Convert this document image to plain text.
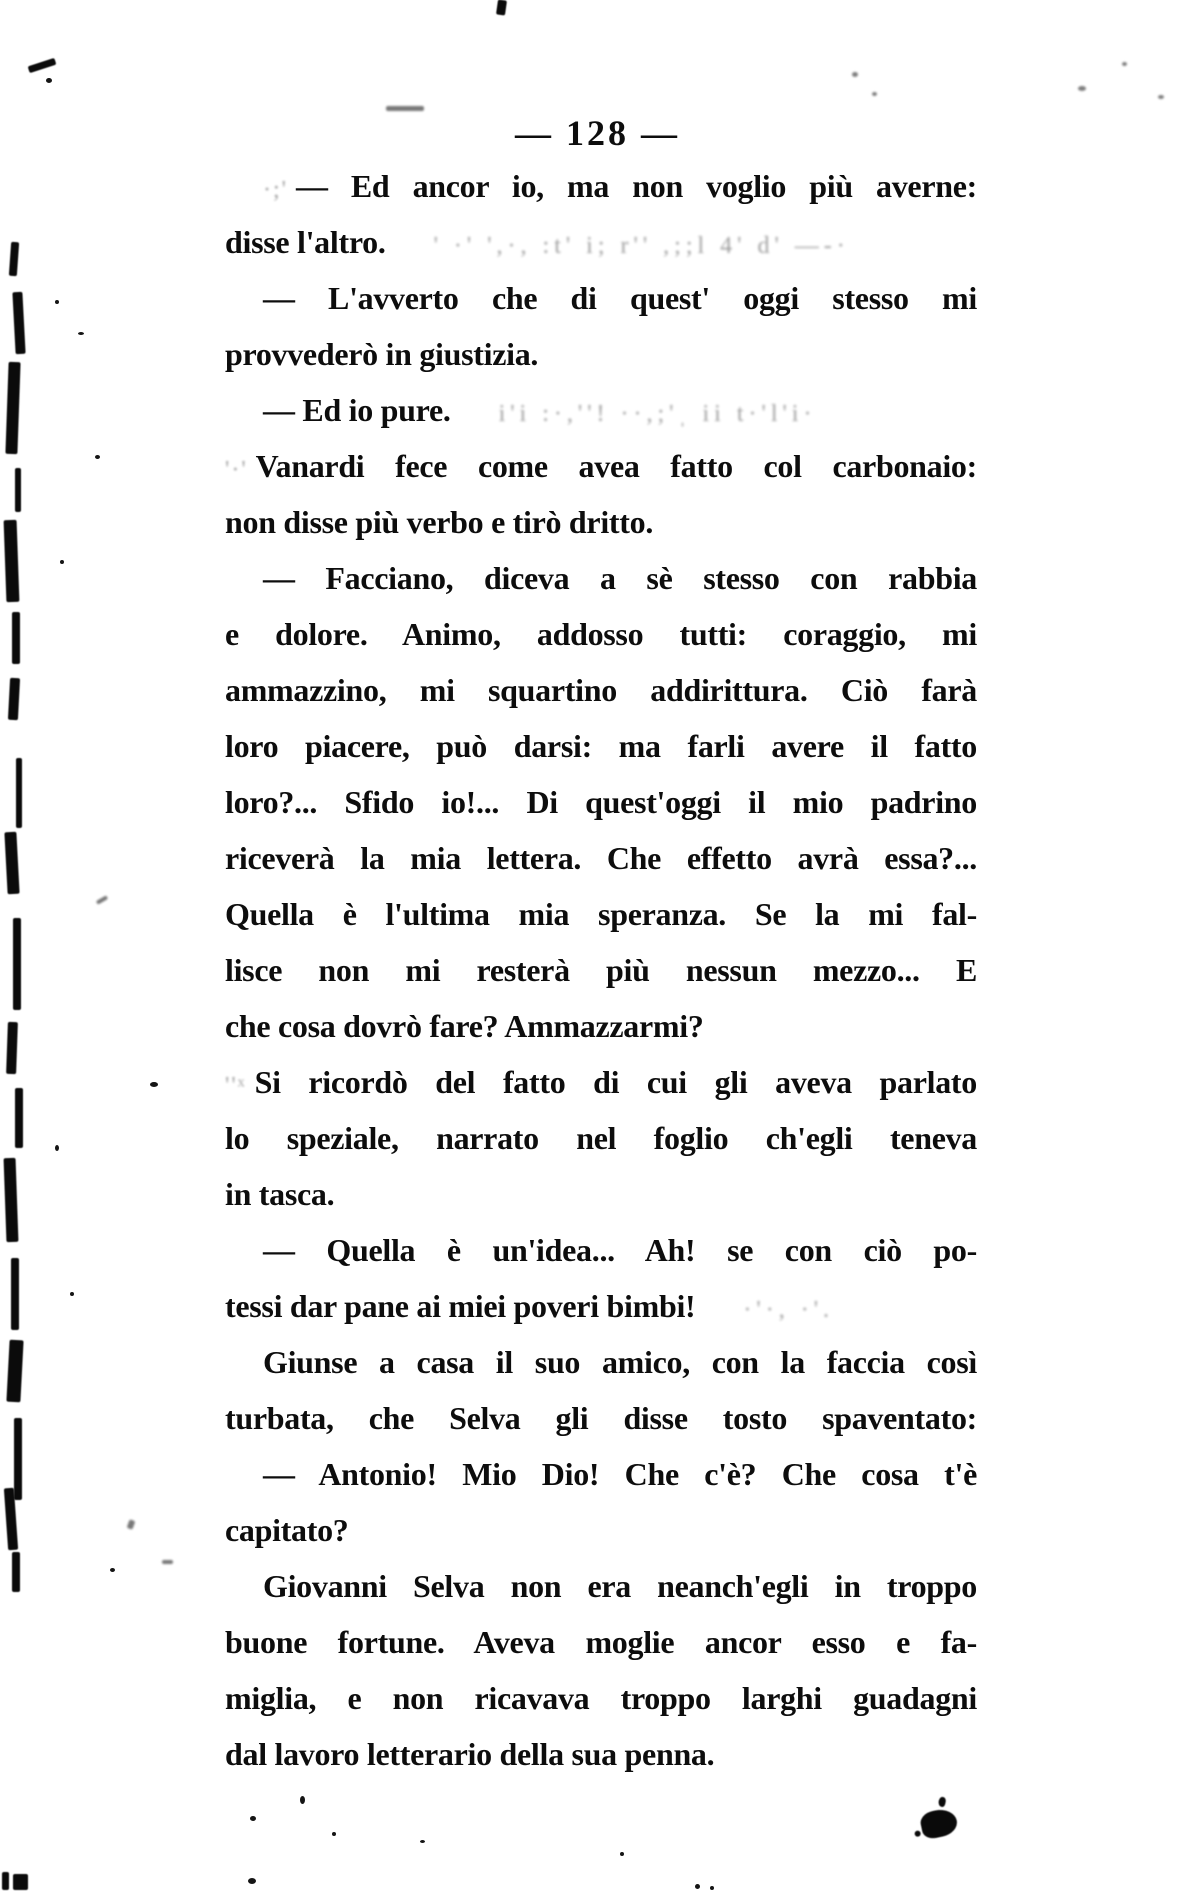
— 128 —
·;' — Ed ancor io, ma non voglio più averne:
disse l'altro. ' ·' ',·, :t' i; r'' ,;;l 4' d' —-·
— L'avverto che di quest' oggi stesso mi
provvederò in giustizia.
— Ed io pure. i'i :·,''! ··,;'ˌ ii t·'l'i·
'·' Vanardi fece come avea fatto col carbonaio:
non disse più verbo e tirò dritto.
— Facciano, diceva a sè stesso con rabbia
e dolore. Animo, addosso tutti: coraggio, mi
ammazzino, mi squartino addirittura. Ciò farà
loro piacere, può darsi: ma farli avere il fatto
loro?... Sfido io!... Di quest'oggi il mio padrino
riceverà la mia lettera. Che effetto avrà essa?...
Quella è l'ultima mia speranza. Se la mi fal-
lisce non mi resterà più nessun mezzo... E
che cosa dovrò fare? Ammazzarmi?
''ˣ Si ricordò del fatto di cui gli aveva parlato
lo speziale, narrato nel foglio ch'egli teneva
in tasca.
— Quella è un'idea... Ah! se con ciò po-
tessi dar pane ai miei poveri bimbi! ·'·, ·'.
Giunse a casa il suo amico, con la faccia così
turbata, che Selva gli disse tosto spaventato:
— Antonio! Mio Dio! Che c'è? Che cosa t'è
capitato?
Giovanni Selva non era neanch'egli in troppo
buone fortune. Aveva moglie ancor esso e fa-
miglia, e non ricavava troppo larghi guadagni
dal lavoro letterario della sua penna.
